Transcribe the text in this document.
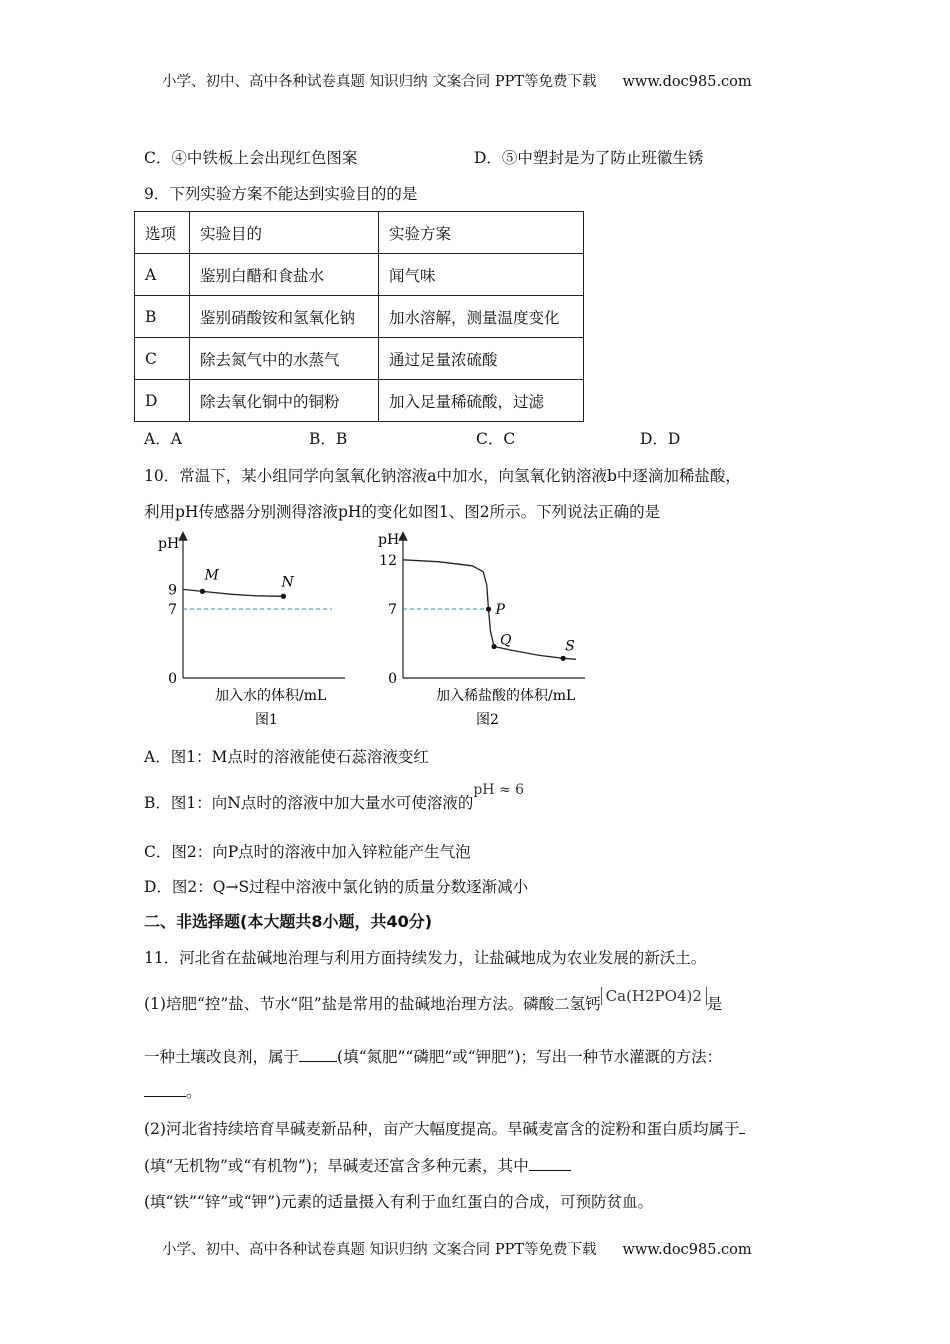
小学、初中、高中各种试卷真题 知识归纳 文案合同 PPT等免费下载 www.doc985.com
C．④中铁板上会出现红色图案	D．⑤中塑封是为了防止班徽生锈
9．下列实验方案不能达到实验目的的是
选项	实验目的	实验方案
A	鉴别白醋和食盐水	闻气味
B	鉴别硝酸铵和氢氧化钠	加水溶解，测量温度变化
C	除去氮气中的水蒸气	通过足量浓硫酸
D	除去氧化铜中的铜粉	加入足量稀硫酸，过滤
A．A	B．B	C．C	D．D
10．常温下，某小组同学向氢氧化钠溶液a中加水，向氢氧化钠溶液b中逐滴加稀盐酸，
利用pH传感器分别测得溶液pH的变化如图1、图2所示。下列说法正确的是
pH
0
7
9
M	N
加入水的体积/mL
图1
pH
0
7
12
P
Q	S
加入稀盐酸的体积/mL
图2
A．图1：M点时的溶液能使石蕊溶液变红
B．图1：向N点时的溶液中加大量水可使溶液的pH ≈ 6
C．图2：向P点时的溶液中加入锌粒能产生气泡
D．图2：Q→S过程中溶液中氯化钠的质量分数逐渐减小
二、非选择题(本大题共8小题，共40分)
11．河北省在盐碱地治理与利用方面持续发力，让盐碱地成为农业发展的新沃土。
(1)培肥“控”盐、节水“阻”盐是常用的盐碱地治理方法。磷酸二氢钙 Ca(H2PO4)2 是
一种土壤改良剂，属于 (填“氮肥”“磷肥”或“钾肥”)；写出一种节水灌溉的方法：
。
(2)河北省持续培育旱碱麦新品种，亩产大幅度提高。旱碱麦富含的淀粉和蛋白质均属于
(填“无机物”或“有机物”)；旱碱麦还富含多种元素，其中
(填“铁”“锌”或“钾”)元素的适量摄入有利于血红蛋白的合成，可预防贫血。
小学、初中、高中各种试卷真题 知识归纳 文案合同 PPT等免费下载 www.doc985.com
